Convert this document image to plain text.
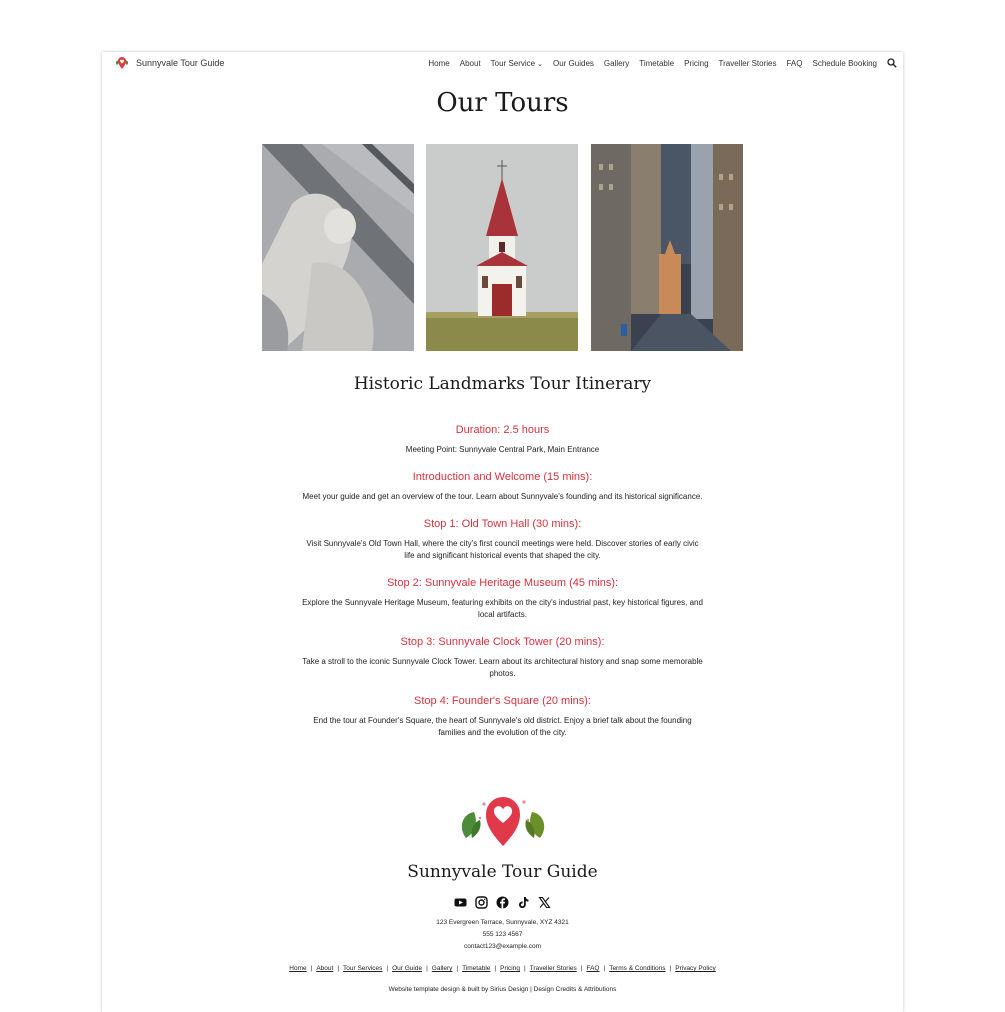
Sunnyvale Tour Guide	Home About Tour Service ⌄ Our Guides Gallery Timetable Pricing Traveller Stories FAQ Schedule Booking
Our Tours
Historic Landmarks Tour Itinerary
Duration: 2.5 hours

Meeting Point: Sunnyvale Central Park, Main Entrance

Introduction and Welcome (15 mins):

Meet your guide and get an overview of the tour. Learn about Sunnyvale's founding and its historical significance.

Stop 1: Old Town Hall (30 mins):

Visit Sunnyvale's Old Town Hall, where the city's first council meetings were held. Discover stories of early civic life and significant historical events that shaped the city.

Stop 2: Sunnyvale Heritage Museum (45 mins):

Explore the Sunnyvale Heritage Museum, featuring exhibits on the city's industrial past, key historical figures, and local artifacts.

Stop 3: Sunnyvale Clock Tower (20 mins):

Take a stroll to the iconic Sunnyvale Clock Tower. Learn about its architectural history and snap some memorable photos.

Stop 4: Founder's Square (20 mins):

End the tour at Founder's Square, the heart of Sunnyvale's old district. Enjoy a brief talk about the founding families and the evolution of the city.

Sunnyvale Tour Guide
123 Evergreen Terrace, Sunnyvale, XYZ 4321
555 123 4567
contact123@example.com
Home | About | Tour Services | Our Guide | Gallery | Timetable | Pricing | Traveller Stories | FAQ | Terms & Conditions | Privacy Policy
Website template design & built by Sirius Design | Design Credits & Attributions
